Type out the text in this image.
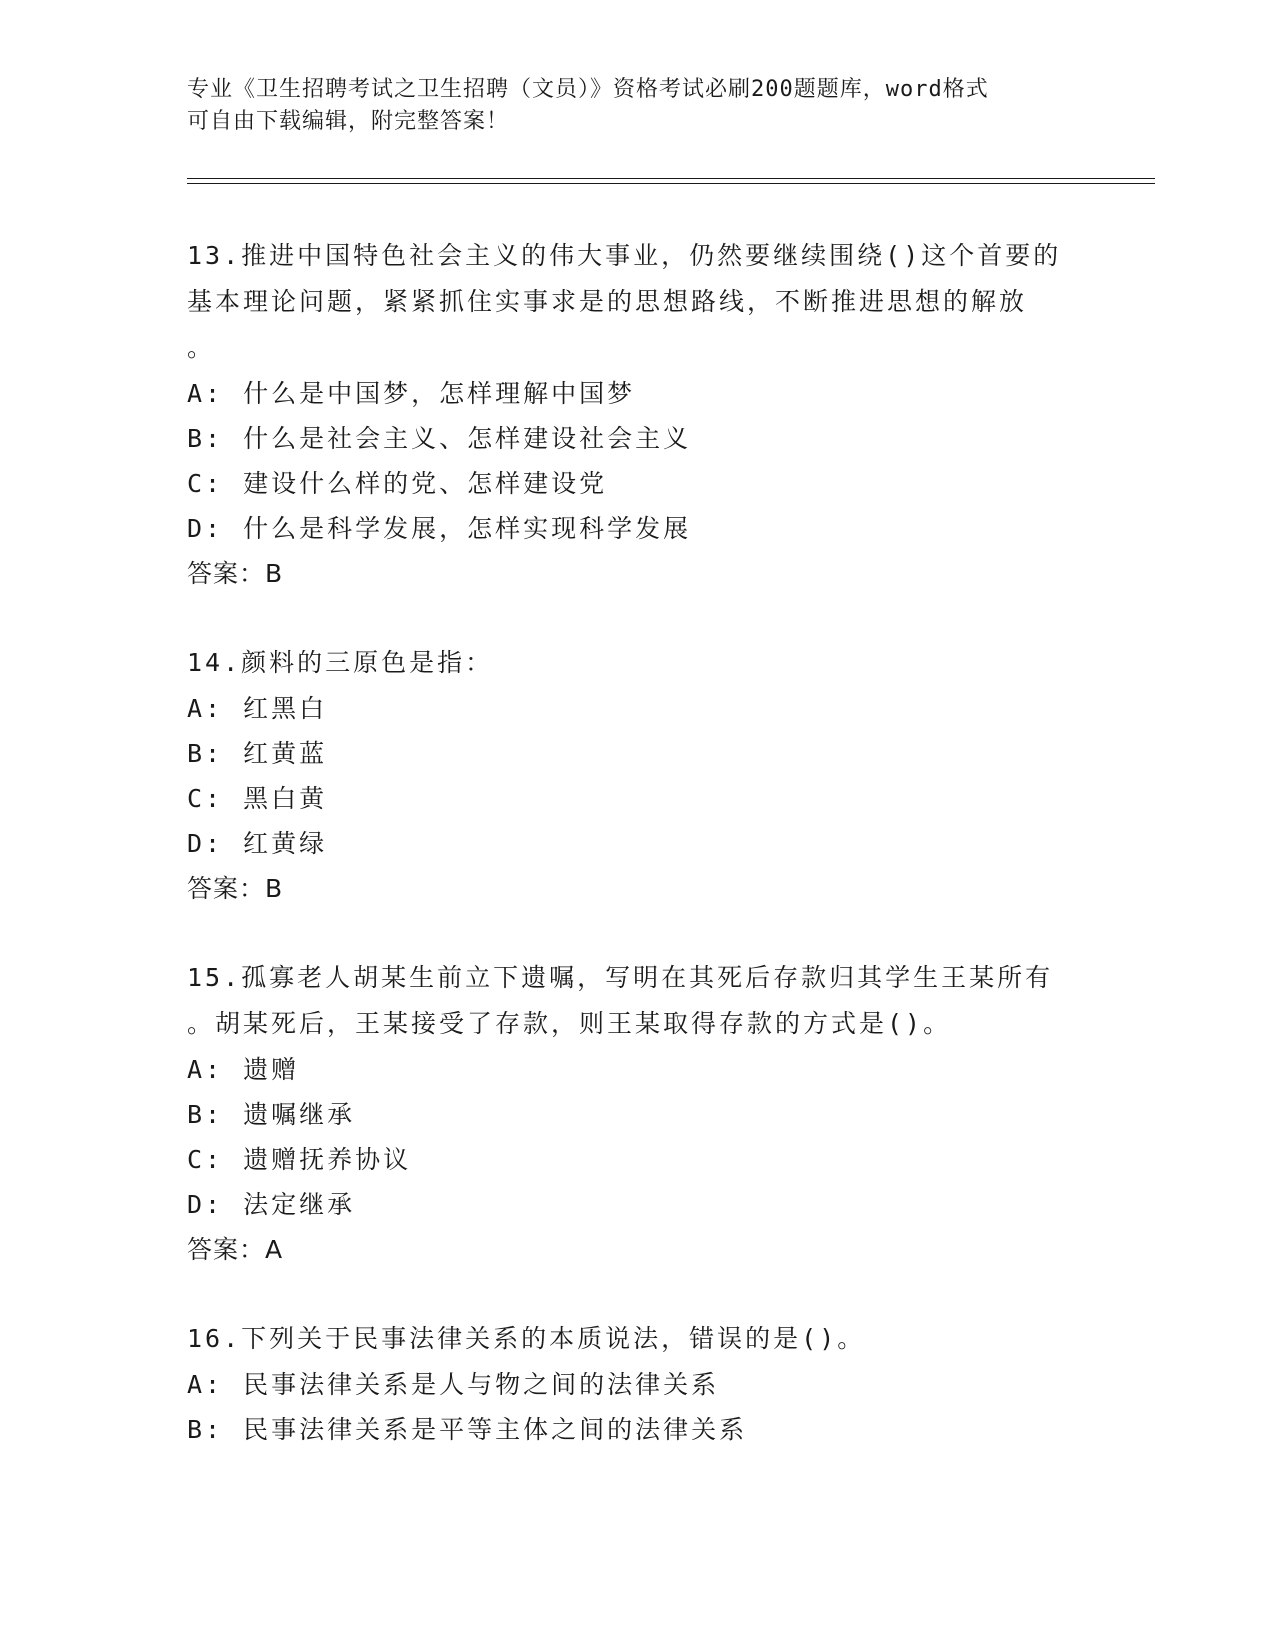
专业《卫生招聘考试之卫生招聘（文员）》资格考试必刷200题题库，word格式
可自由下载编辑，附完整答案！
13.推进中国特色社会主义的伟大事业，仍然要继续围绕()这个首要的
基本理论问题，紧紧抓住实事求是的思想路线，不断推进思想的解放
。
A: 什么是中国梦，怎样理解中国梦
B: 什么是社会主义、怎样建设社会主义
C: 建设什么样的党、怎样建设党
D: 什么是科学发展，怎样实现科学发展
答案：B
14.颜料的三原色是指：
A: 红黑白
B: 红黄蓝
C: 黑白黄
D: 红黄绿
答案：B
15.孤寡老人胡某生前立下遗嘱，写明在其死后存款归其学生王某所有
。胡某死后，王某接受了存款，则王某取得存款的方式是()。
A: 遗赠
B: 遗嘱继承
C: 遗赠抚养协议
D: 法定继承
答案：A
16.下列关于民事法律关系的本质说法，错误的是()。
A: 民事法律关系是人与物之间的法律关系
B: 民事法律关系是平等主体之间的法律关系
